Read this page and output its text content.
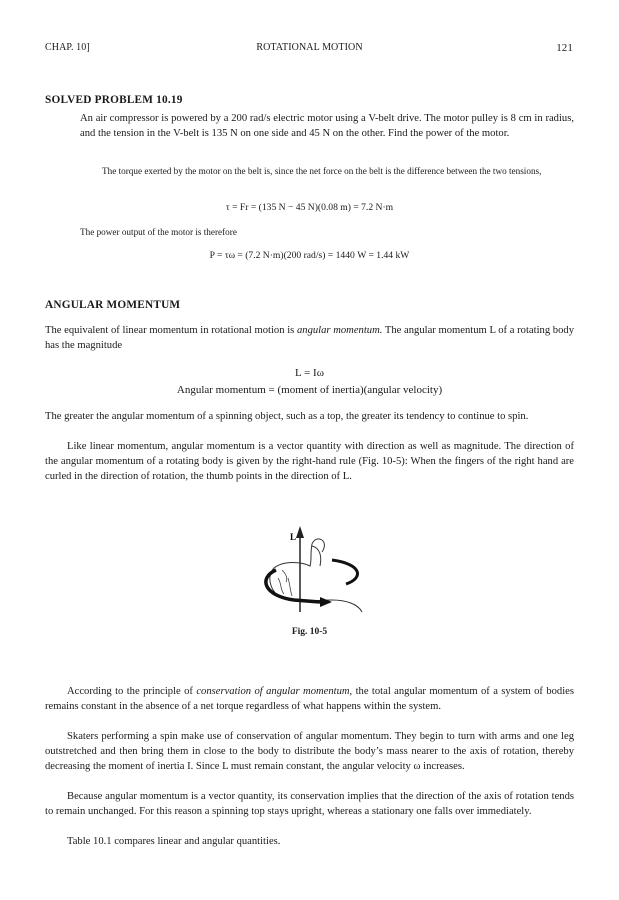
CHAP. 10]	ROTATIONAL MOTION	121
SOLVED PROBLEM 10.19
An air compressor is powered by a 200 rad/s electric motor using a V-belt drive. The motor pulley is 8 cm in radius, and the tension in the V-belt is 135 N on one side and 45 N on the other. Find the power of the motor.
The torque exerted by the motor on the belt is, since the net force on the belt is the difference between the two tensions,
τ = Fr = (135 N − 45 N)(0.08 m) = 7.2 N·m
The power output of the motor is therefore
P = τω = (7.2 N·m)(200 rad/s) = 1440 W = 1.44 kW
ANGULAR MOMENTUM
The equivalent of linear momentum in rotational motion is angular momentum. The angular momentum L of a rotating body has the magnitude
L = Iω
Angular momentum = (moment of inertia)(angular velocity)
The greater the angular momentum of a spinning object, such as a top, the greater its tendency to continue to spin.
Like linear momentum, angular momentum is a vector quantity with direction as well as magnitude. The direction of the angular momentum of a rotating body is given by the right-hand rule (Fig. 10-5): When the fingers of the right hand are curled in the direction of rotation, the thumb points in the direction of L.
L
Fig. 10-5
According to the principle of conservation of angular momentum, the total angular momentum of a system of bodies remains constant in the absence of a net torque regardless of what happens within the system.
Skaters performing a spin make use of conservation of angular momentum. They begin to turn with arms and one leg outstretched and then bring them in close to the body to distribute the body’s mass nearer to the axis of rotation, thereby decreasing the moment of inertia I. Since L must remain constant, the angular velocity ω increases.
Because angular momentum is a vector quantity, its conservation implies that the direction of the axis of rotation tends to remain unchanged. For this reason a spinning top stays upright, whereas a stationary one falls over immediately.
Table 10.1 compares linear and angular quantities.
